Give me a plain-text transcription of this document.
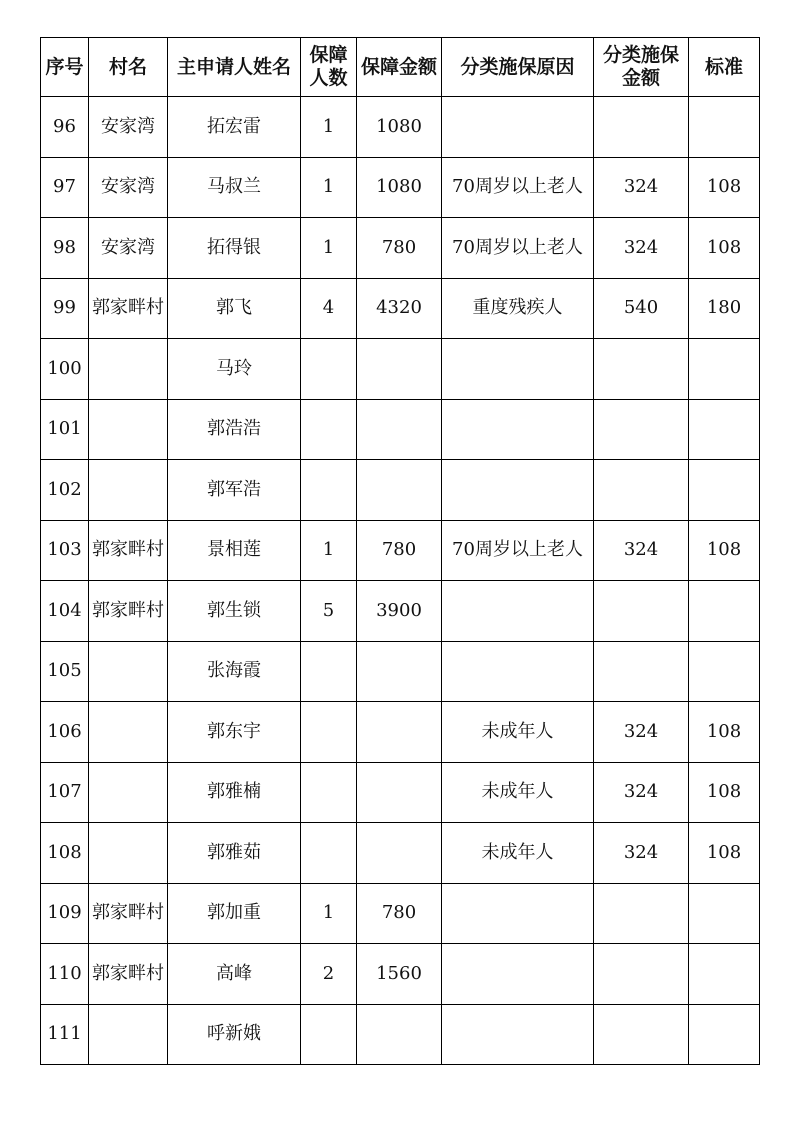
序号	村名	主申请人姓名	保障人数	保障金额	分类施保原因	分类施保金额	标准
96	安家湾	拓宏雷	1	1080			
97	安家湾	马叔兰	1	1080	70周岁以上老人	324	108
98	安家湾	拓得银	1	780	70周岁以上老人	324	108
99	郭家畔村	郭飞	4	4320	重度残疾人	540	180
100		马玲					
101		郭浩浩					
102		郭军浩					
103	郭家畔村	景相莲	1	780	70周岁以上老人	324	108
104	郭家畔村	郭生锁	5	3900			
105		张海霞					
106		郭东宇			未成年人	324	108
107		郭雅楠			未成年人	324	108
108		郭雅茹			未成年人	324	108
109	郭家畔村	郭加重	1	780			
110	郭家畔村	高峰	2	1560			
111		呼新娥					
